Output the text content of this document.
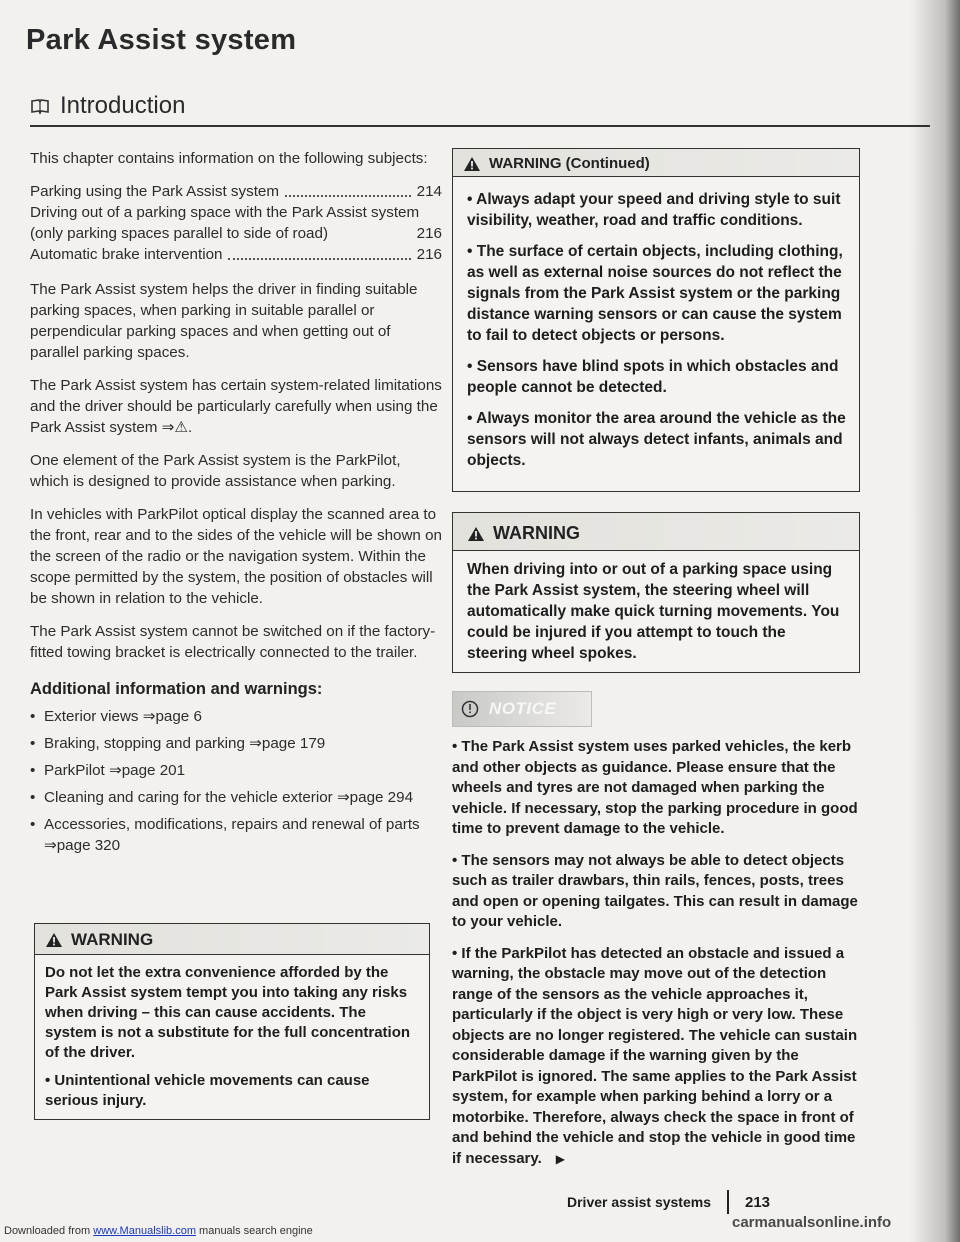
Park Assist system
Introduction

This chapter contains information on the following subjects:

Parking using the Park Assist system	214
Driving out of a parking space with the Park Assist system (only parking spaces parallel to side of road)	216
Automatic brake intervention	216

The Park Assist system helps the driver in finding suitable parking spaces, when parking in suitable parallel or perpendicular parking spaces and when getting out of parallel parking spaces.

The Park Assist system has certain system-related limitations and the driver should be particularly carefully when using the Park Assist system ⇒⚠.

One element of the Park Assist system is the ParkPilot, which is designed to provide assistance when parking.

In vehicles with ParkPilot optical display the scanned area to the front, rear and to the sides of the vehicle will be shown on the screen of the radio or the navigation system. Within the scope permitted by the system, the position of obstacles will be shown in relation to the vehicle.

The Park Assist system cannot be switched on if the factory-fitted towing bracket is electrically connected to the trailer.

Additional information and warnings:
• Exterior views ⇒page 6
• Braking, stopping and parking ⇒page 179
• ParkPilot ⇒page 201
• Cleaning and caring for the vehicle exterior ⇒page 294
• Accessories, modifications, repairs and renewal of parts ⇒page 320
WARNING

Do not let the extra convenience afforded by the Park Assist system tempt you into taking any risks when driving – this can cause accidents. The system is not a substitute for the full concentration of the driver.

• Unintentional vehicle movements can cause serious injury.

WARNING (Continued)

• Always adapt your speed and driving style to suit visibility, weather, road and traffic conditions.

• The surface of certain objects, including clothing, as well as external noise sources do not reflect the signals from the Park Assist system or the parking distance warning sensors or can cause the system to fail to detect objects or persons.

• Sensors have blind spots in which obstacles and people cannot be detected.

• Always monitor the area around the vehicle as the sensors will not always detect infants, animals and objects.

WARNING

When driving into or out of a parking space using the Park Assist system, the steering wheel will automatically make quick turning movements. You could be injured if you attempt to touch the steering wheel spokes.

NOTICE

• The Park Assist system uses parked vehicles, the kerb and other objects as guidance. Please ensure that the wheels and tyres are not damaged when parking the vehicle. If necessary, stop the parking procedure in good time to prevent damage to the vehicle.

• The sensors may not always be able to detect objects such as trailer drawbars, thin rails, fences, posts, trees and open or opening tailgates. This can result in damage to your vehicle.

• If the ParkPilot has detected an obstacle and issued a warning, the obstacle may move out of the detection range of the sensors as the vehicle approaches it, particularly if the object is very high or very low. These objects are no longer registered. The vehicle can sustain considerable damage if the warning given by the ParkPilot is ignored. The same applies to the Park Assist system, for example when parking behind a lorry or a motorbike. Therefore, always check the space in front of and behind the vehicle and stop the vehicle in good time if necessary. ▶

Driver assist systems 213
carmanualsonline.info
Downloaded from www.Manualslib.com manuals search engine
